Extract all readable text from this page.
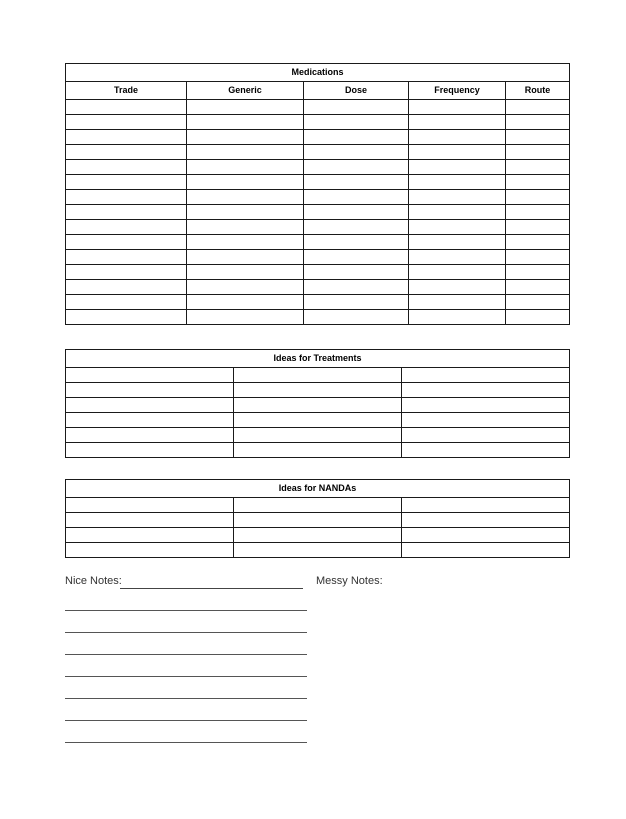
Medications				
Trade	Generic	Dose	Frequency	Route

Ideas for Treatments		

Ideas for NANDAs		

Nice Notes:	Messy Notes:
